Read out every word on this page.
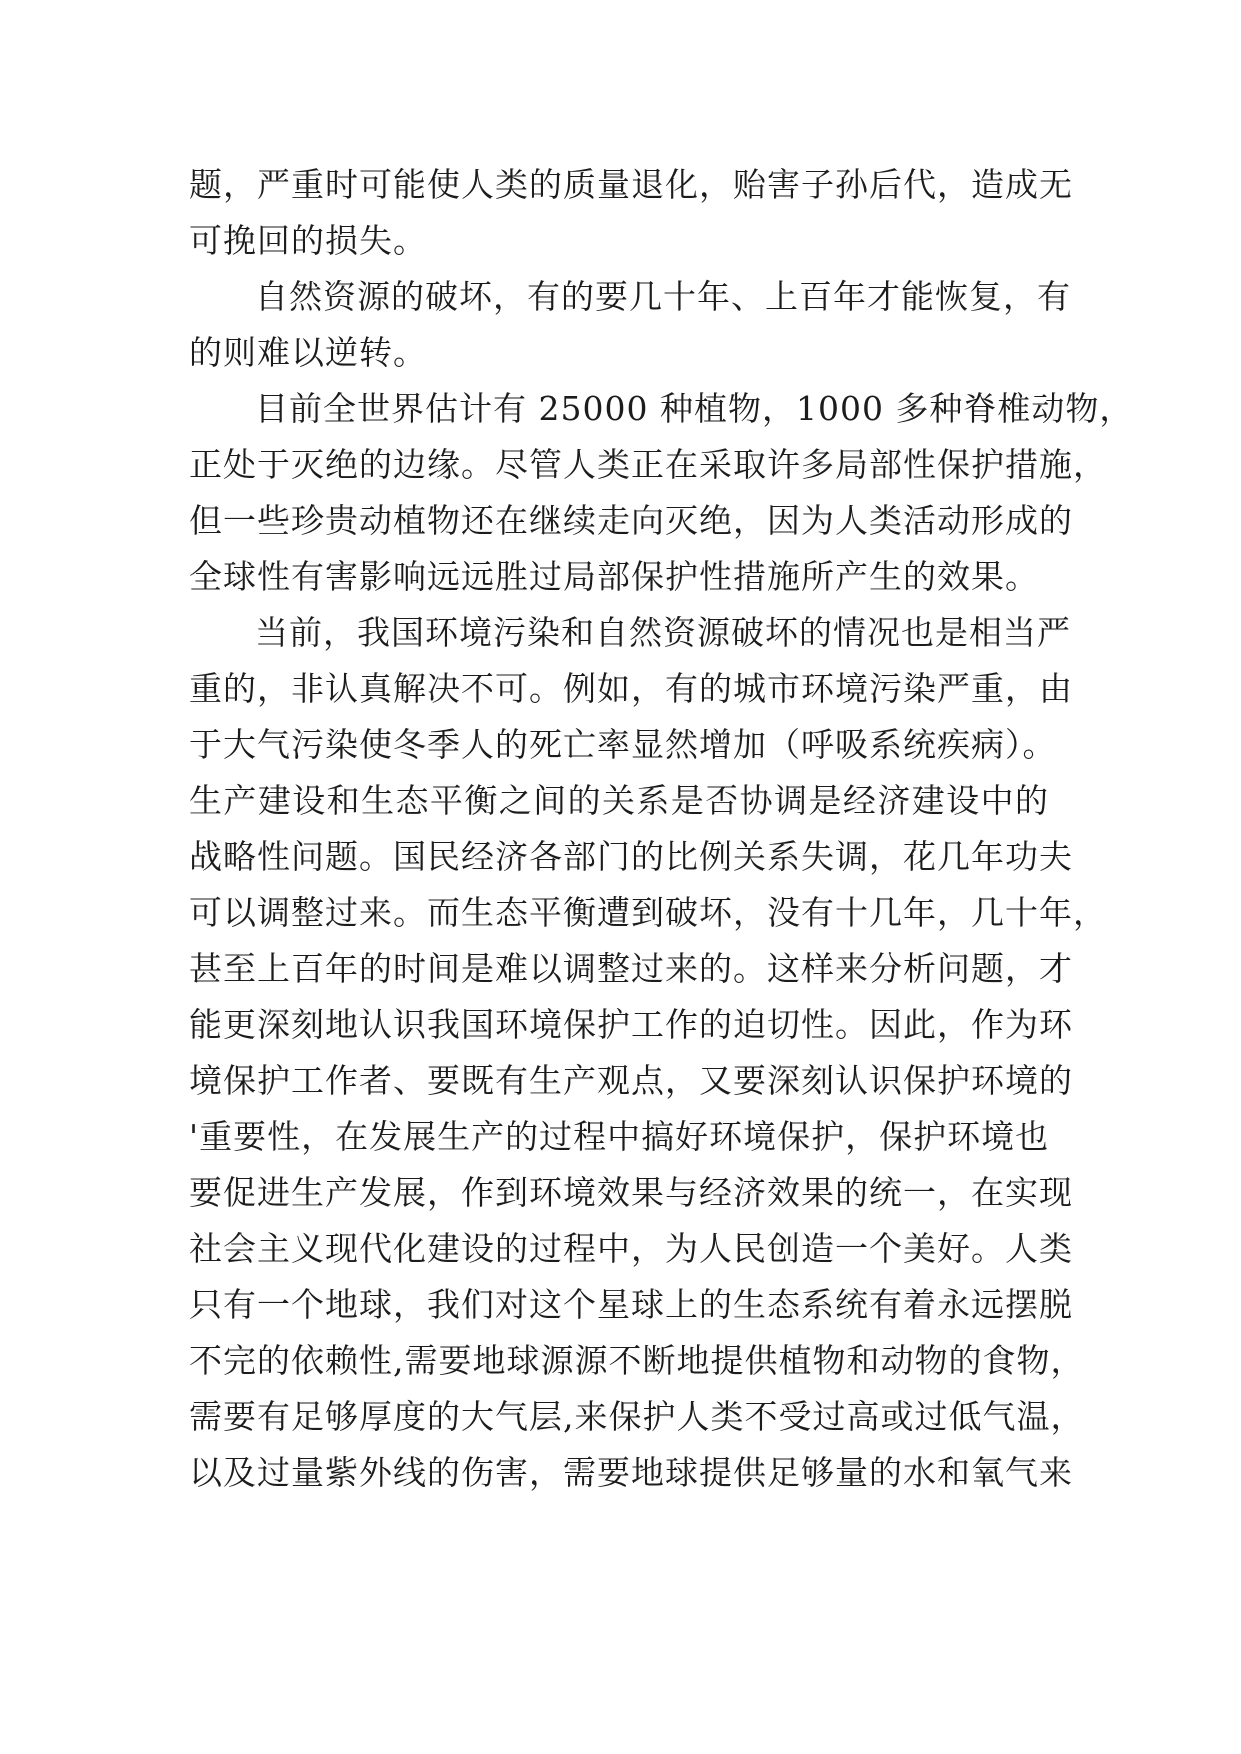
题，严重时可能使人类的质量退化，贻害子孙后代，造成无
可挽回的损失。
自然资源的破坏，有的要几十年、上百年才能恢复，有
的则难以逆转。
目前全世界估计有 25000 种植物，1000 多种脊椎动物，
正处于灭绝的边缘。尽管人类正在采取许多局部性保护措施，
但一些珍贵动植物还在继续走向灭绝，因为人类活动形成的
全球性有害影响远远胜过局部保护性措施所产生的效果。
当前，我国环境污染和自然资源破坏的情况也是相当严
重的，非认真解决不可。例如，有的城市环境污染严重，由
于大气污染使冬季人的死亡率显然增加（呼吸系统疾病）。
生产建设和生态平衡之间的关系是否协调是经济建设中的
战略性问题。国民经济各部门的比例关系失调，花几年功夫
可以调整过来。而生态平衡遭到破坏，没有十几年，几十年，
甚至上百年的时间是难以调整过来的。这样来分析问题，才
能更深刻地认识我国环境保护工作的迫切性。因此，作为环
境保护工作者、要既有生产观点，又要深刻认识保护环境的
'重要性，在发展生产的过程中搞好环境保护，保护环境也
要促进生产发展，作到环境效果与经济效果的统一，在实现
社会主义现代化建设的过程中，为人民创造一个美好。人类
只有一个地球，我们对这个星球上的生态系统有着永远摆脱
不完的依赖性,需要地球源源不断地提供植物和动物的食物，
需要有足够厚度的大气层,来保护人类不受过高或过低气温，
以及过量紫外线的伤害，需要地球提供足够量的水和氧气来
